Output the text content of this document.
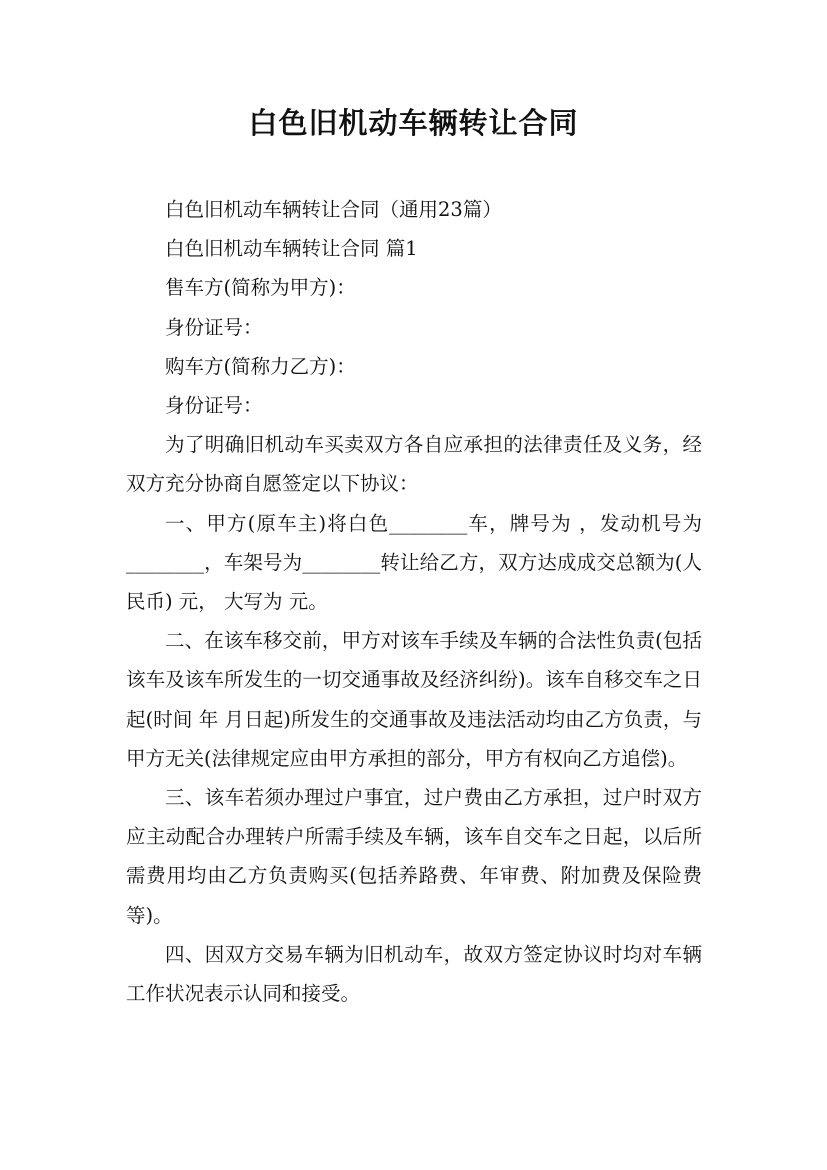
白色旧机动车辆转让合同

白色旧机动车辆转让合同（通用23篇）

白色旧机动车辆转让合同 篇1

售车方(简称为甲方)：

身份证号：

购车方(简称力乙方)：

身份证号：

为了明确旧机动车买卖双方各自应承担的法律责任及义务，经双方充分协商自愿签定以下协议：

一、甲方(原车主)将白色________车，牌号为 ，发动机号为________，车架号为________转让给乙方，双方达成成交总额为(人民币) 元， 大写为 元。

二、在该车移交前，甲方对该车手续及车辆的合法性负责(包括该车及该车所发生的一切交通事故及经济纠纷)。该车自移交车之日起(时间 年 月日起)所发生的交通事故及违法活动均由乙方负责，与甲方无关(法律规定应由甲方承担的部分，甲方有权向乙方追偿)。

三、该车若须办理过户事宜，过户费由乙方承担，过户时双方应主动配合办理转户所需手续及车辆，该车自交车之日起，以后所需费用均由乙方负责购买(包括养路费、年审费、附加费及保险费等)。

四、因双方交易车辆为旧机动车，故双方签定协议时均对车辆工作状况表示认同和接受。
